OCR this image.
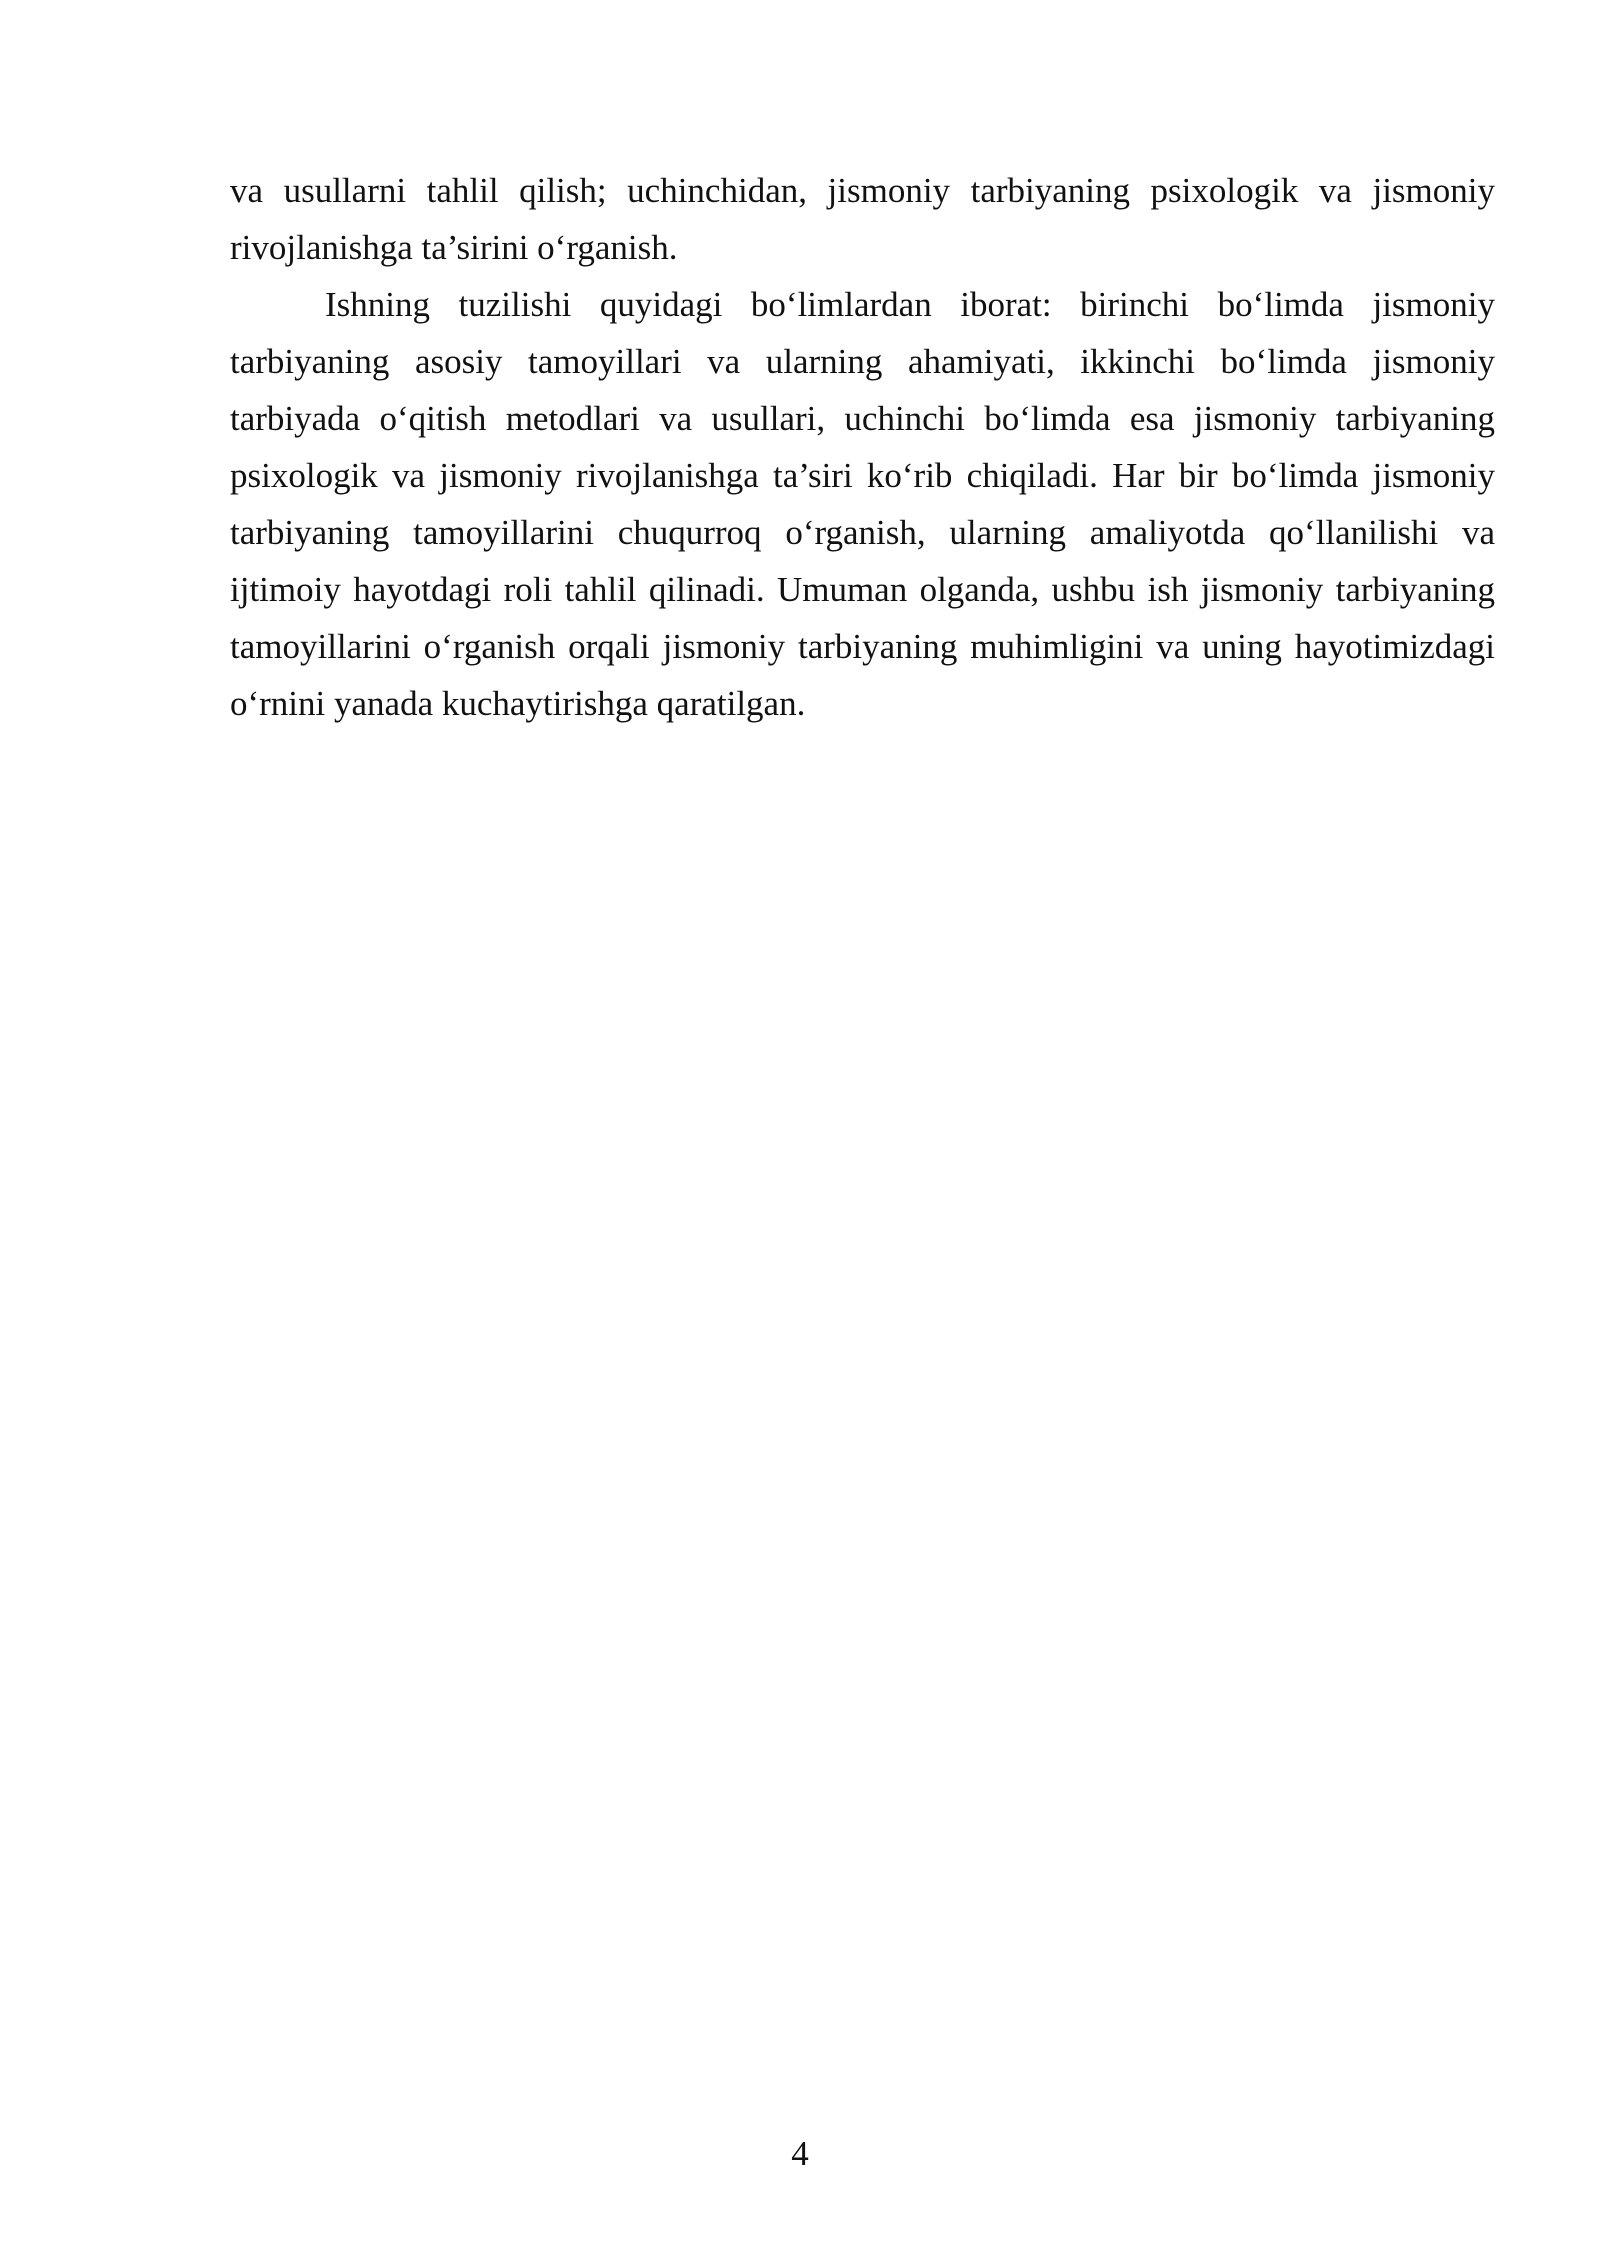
va usullarni tahlil qilish; uchinchidan, jismoniy tarbiyaning psixologik va jismoniy rivojlanishga ta’sirini o‘rganish.

Ishning tuzilishi quyidagi bo‘limlardan iborat: birinchi bo‘limda jismoniy tarbiyaning asosiy tamoyillari va ularning ahamiyati, ikkinchi bo‘limda jismoniy tarbiyada o‘qitish metodlari va usullari, uchinchi bo‘limda esa jismoniy tarbiyaning psixologik va jismoniy rivojlanishga ta’siri ko‘rib chiqiladi. Har bir bo‘limda jismoniy tarbiyaning tamoyillarini chuqurroq o‘rganish, ularning amaliyotda qo‘llanilishi va ijtimoiy hayotdagi roli tahlil qilinadi. Umuman olganda, ushbu ish jismoniy tarbiyaning tamoyillarini o‘rganish orqali jismoniy tarbiyaning muhimligini va uning hayotimizdagi o‘rnini yanada kuchaytirishga qaratilgan.

4
